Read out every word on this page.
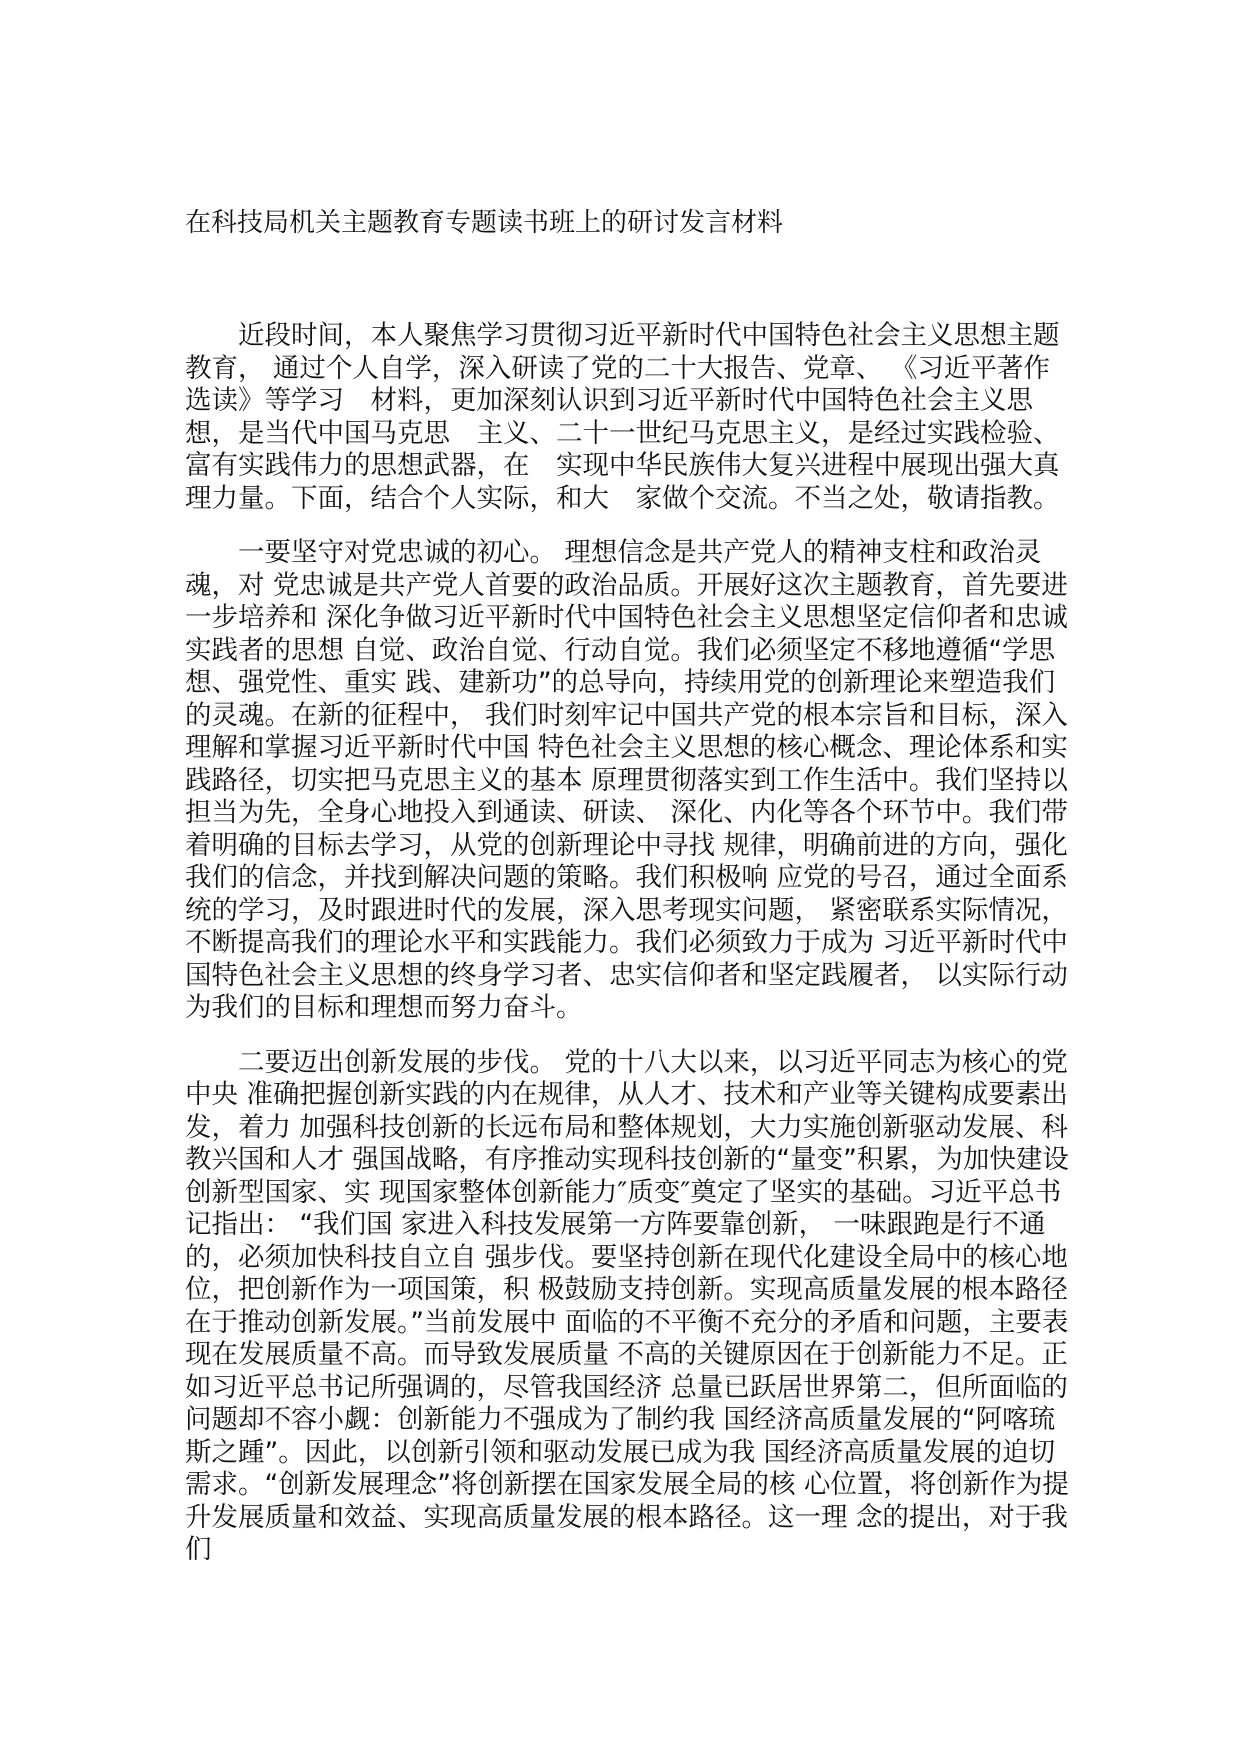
在科技局机关主题教育专题读书班上的研讨发言材料

近段时间，本人聚焦学习贯彻习近平新时代中国特色社会主义思想主题教育， 通过个人自学，深入研读了党的二十大报告、党章、 《习近平著作选读》等学习　材料，更加深刻认识到习近平新时代中国特色社会主义思想，是当代中国马克思　主义、二十一世纪马克思主义，是经过实践检验、富有实践伟力的思想武器，在　实现中华民族伟大复兴进程中展现出强大真理力量。下面，结合个人实际，和大　家做个交流。不当之处，敬请指教。

一要坚守对党忠诚的初心。 理想信念是共产党人的精神支柱和政治灵魂，对 党忠诚是共产党人首要的政治品质。开展好这次主题教育，首先要进一步培养和 深化争做习近平新时代中国特色社会主义思想坚定信仰者和忠诚实践者的思想 自觉、政治自觉、行动自觉。我们必须坚定不移地遵循“学思想、强党性、重实 践、建新功”的总导向，持续用党的创新理论来塑造我们的灵魂。在新的征程中， 我们时刻牢记中国共产党的根本宗旨和目标，深入理解和掌握习近平新时代中国 特色社会主义思想的核心概念、理论体系和实践路径，切实把马克思主义的基本 原理贯彻落实到工作生活中。我们坚持以担当为先，全身心地投入到通读、研读、 深化、内化等各个环节中。我们带着明确的目标去学习，从党的创新理论中寻找 规律，明确前进的方向，强化我们的信念，并找到解决问题的策略。我们积极响 应党的号召，通过全面系统的学习，及时跟进时代的发展，深入思考现实问题， 紧密联系实际情况，不断提高我们的理论水平和实践能力。我们必须致力于成为 习近平新时代中国特色社会主义思想的终身学习者、忠实信仰者和坚定践履者， 以实际行动为我们的目标和理想而努力奋斗。

二要迈出创新发展的步伐。 党的十八大以来，以习近平同志为核心的党中央 准确把握创新实践的内在规律，从人才、技术和产业等关键构成要素出发，着力 加强科技创新的长远布局和整体规划，大力实施创新驱动发展、科教兴国和人才 强国战略，有序推动实现科技创新的“量变”积累，为加快建设创新型国家、实 现国家整体创新能力″质变″奠定了坚实的基础。习近平总书记指出： “我们国 家进入科技发展第一方阵要靠创新， 一味跟跑是行不通的，必须加快科技自立自 强步伐。要坚持创新在现代化建设全局中的核心地位，把创新作为一项国策，积 极鼓励支持创新。实现高质量发展的根本路径在于推动创新发展。”当前发展中 面临的不平衡不充分的矛盾和问题，主要表现在发展质量不高。而导致发展质量 不高的关键原因在于创新能力不足。正如习近平总书记所强调的，尽管我国经济 总量已跃居世界第二，但所面临的问题却不容小觑：创新能力不强成为了制约我 国经济高质量发展的“阿喀琉斯之踵”。因此，以创新引领和驱动发展已成为我 国经济高质量发展的迫切需求。“创新发展理念”将创新摆在国家发展全局的核 心位置，将创新作为提升发展质量和效益、实现高质量发展的根本路径。这一理 念的提出，对于我们
